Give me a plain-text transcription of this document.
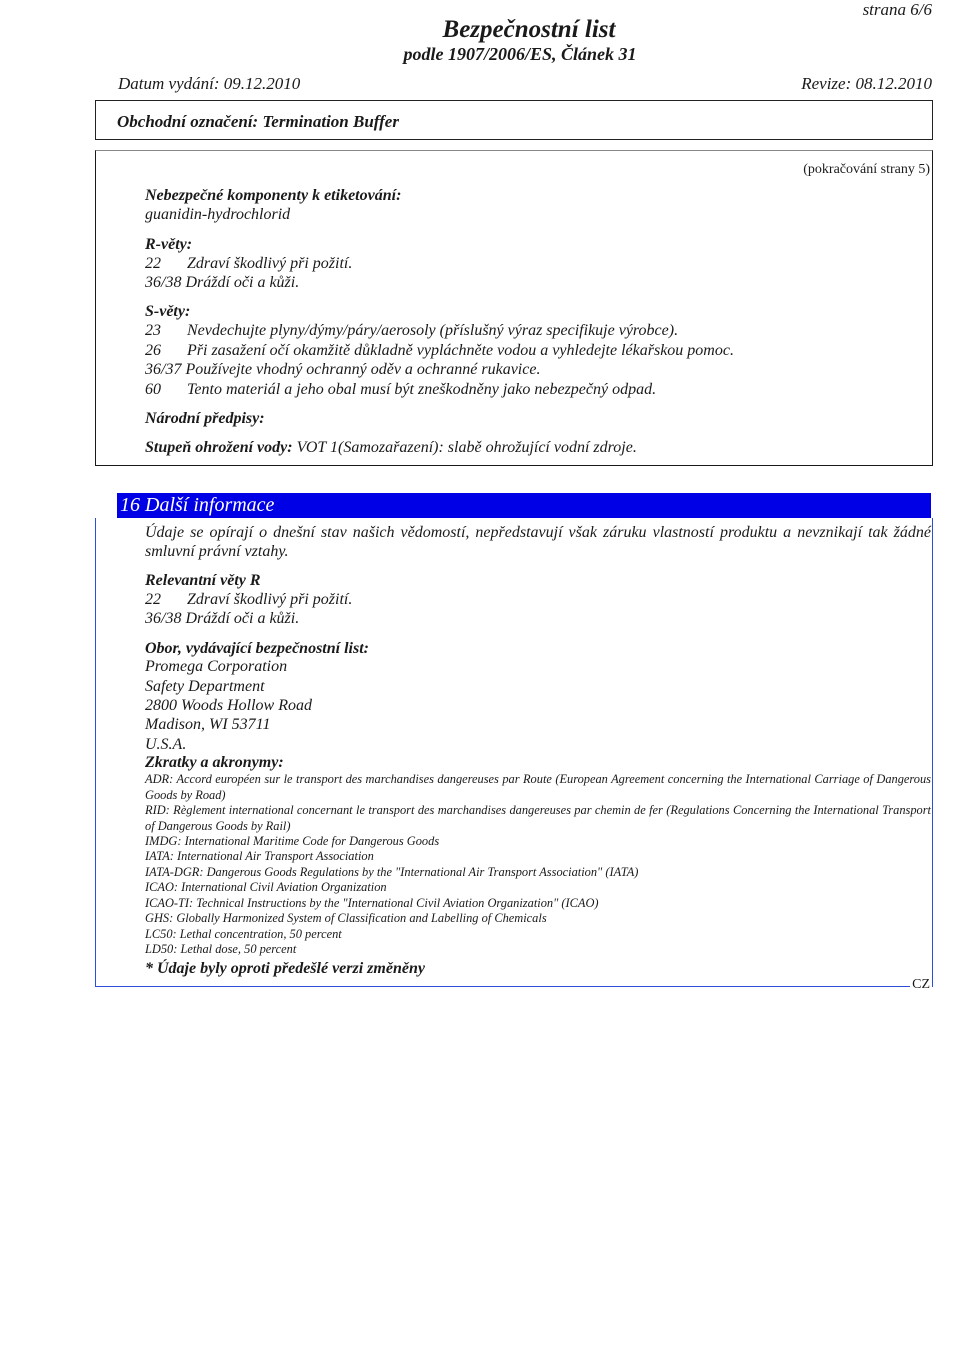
strana 6/6
Bezpečnostní list
podle 1907/2006/ES, Článek 31
Datum vydání: 09.12.2010	Revize: 08.12.2010
Obchodní označení: Termination Buffer
(pokračování strany 5)
Nebezpečné komponenty k etiketování:
guanidin-hydrochlorid
R-věty:
22 Zdraví škodlivý při požití.
36/38 Dráždí oči a kůži.
S-věty:
23 Nevdechujte plyny/dýmy/páry/aerosoly (příslušný výraz specifikuje výrobce).
26 Při zasažení očí okamžitě důkladně vypláchněte vodou a vyhledejte lékařskou pomoc.
36/37 Používejte vhodný ochranný oděv a ochranné rukavice.
60 Tento materiál a jeho obal musí být zneškodněny jako nebezpečný odpad.
Národní předpisy:
Stupeň ohrožení vody: VOT 1(Samozařazení): slabě ohrožující vodní zdroje.
16 Další informace
Údaje se opírají o dnešní stav našich vědomostí, nepředstavují však záruku vlastností produktu a nevznikají tak žádné smluvní právní vztahy.
Relevantní věty R
22 Zdraví škodlivý při požití.
36/38 Dráždí oči a kůži.
Obor, vydávající bezpečnostní list:
Promega Corporation
Safety Department
2800 Woods Hollow Road
Madison, WI 53711
U.S.A.
Zkratky a akronymy:
ADR: Accord européen sur le transport des marchandises dangereuses par Route (European Agreement concerning the International Carriage of Dangerous Goods by Road)
RID: Règlement international concernant le transport des marchandises dangereuses par chemin de fer (Regulations Concerning the International Transport of Dangerous Goods by Rail)
IMDG: International Maritime Code for Dangerous Goods
IATA: International Air Transport Association
IATA-DGR: Dangerous Goods Regulations by the "International Air Transport Association" (IATA)
ICAO: International Civil Aviation Organization
ICAO-TI: Technical Instructions by the "International Civil Aviation Organization" (ICAO)
GHS: Globally Harmonized System of Classification and Labelling of Chemicals
LC50: Lethal concentration, 50 percent
LD50: Lethal dose, 50 percent
* Údaje byly oproti předešlé verzi změněny
CZ
